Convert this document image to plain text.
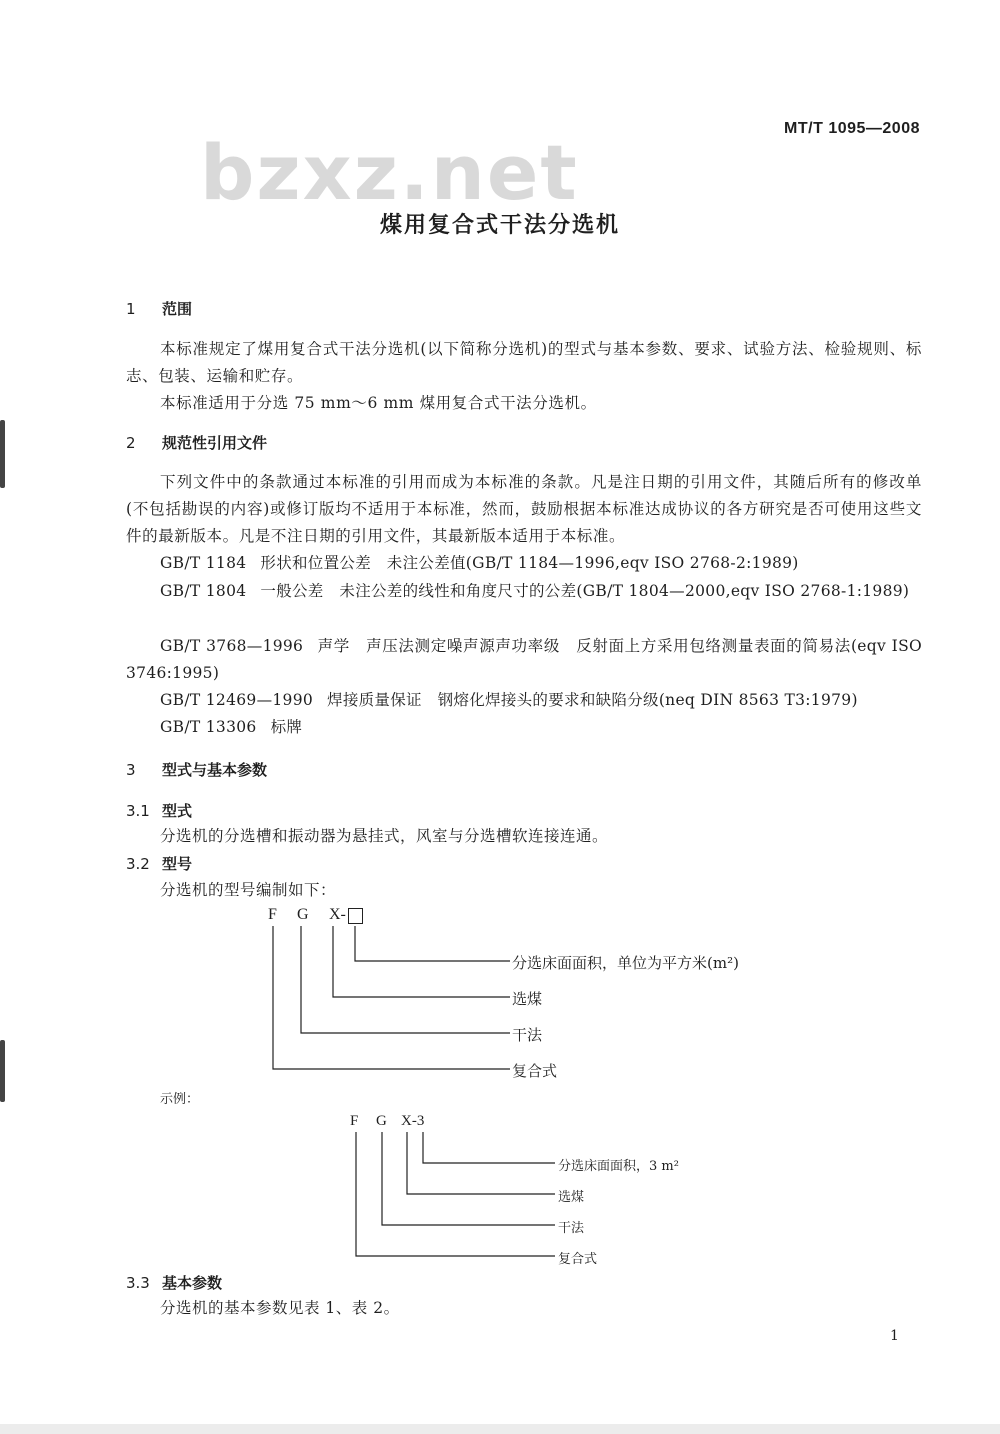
bzxz.net	MT/T 1095—2008
煤用复合式干法分选机
1 范围
本标准规定了煤用复合式干法分选机(以下简称分选机)的型式与基本参数、要求、试验方法、检验规则、标志、包装、运输和贮存。
本标准适用于分选 75 mm～6 mm 煤用复合式干法分选机。
2 规范性引用文件
下列文件中的条款通过本标准的引用而成为本标准的条款。凡是注日期的引用文件，其随后所有的修改单(不包括勘误的内容)或修订版均不适用于本标准，然而，鼓励根据本标准达成协议的各方研究是否可使用这些文件的最新版本。凡是不注日期的引用文件，其最新版本适用于本标准。
GB/T 1184 形状和位置公差　未注公差值(GB/T 1184—1996,eqv ISO 2768-2:1989)
GB/T 1804 一般公差　未注公差的线性和角度尺寸的公差(GB/T 1804—2000,eqv ISO 2768-1:1989)
GB/T 3768—1996 声学　声压法测定噪声源声功率级　反射面上方采用包络测量表面的简易法(eqv ISO 3746:1995)
GB/T 12469—1990 焊接质量保证　钢熔化焊接头的要求和缺陷分级(neq DIN 8563 T3:1979)
GB/T 13306 标牌
3 型式与基本参数
3.1 型式
分选机的分选槽和振动器为悬挂式，风室与分选槽软连接连通。
3.2 型号
分选机的型号编制如下：
F G X-
分选床面面积，单位为平方米(m²)
选煤
干法
复合式
示例：
F G X-3
分选床面面积，3 m²
选煤
干法
复合式
3.3 基本参数
分选机的基本参数见表 1、表 2。
1
